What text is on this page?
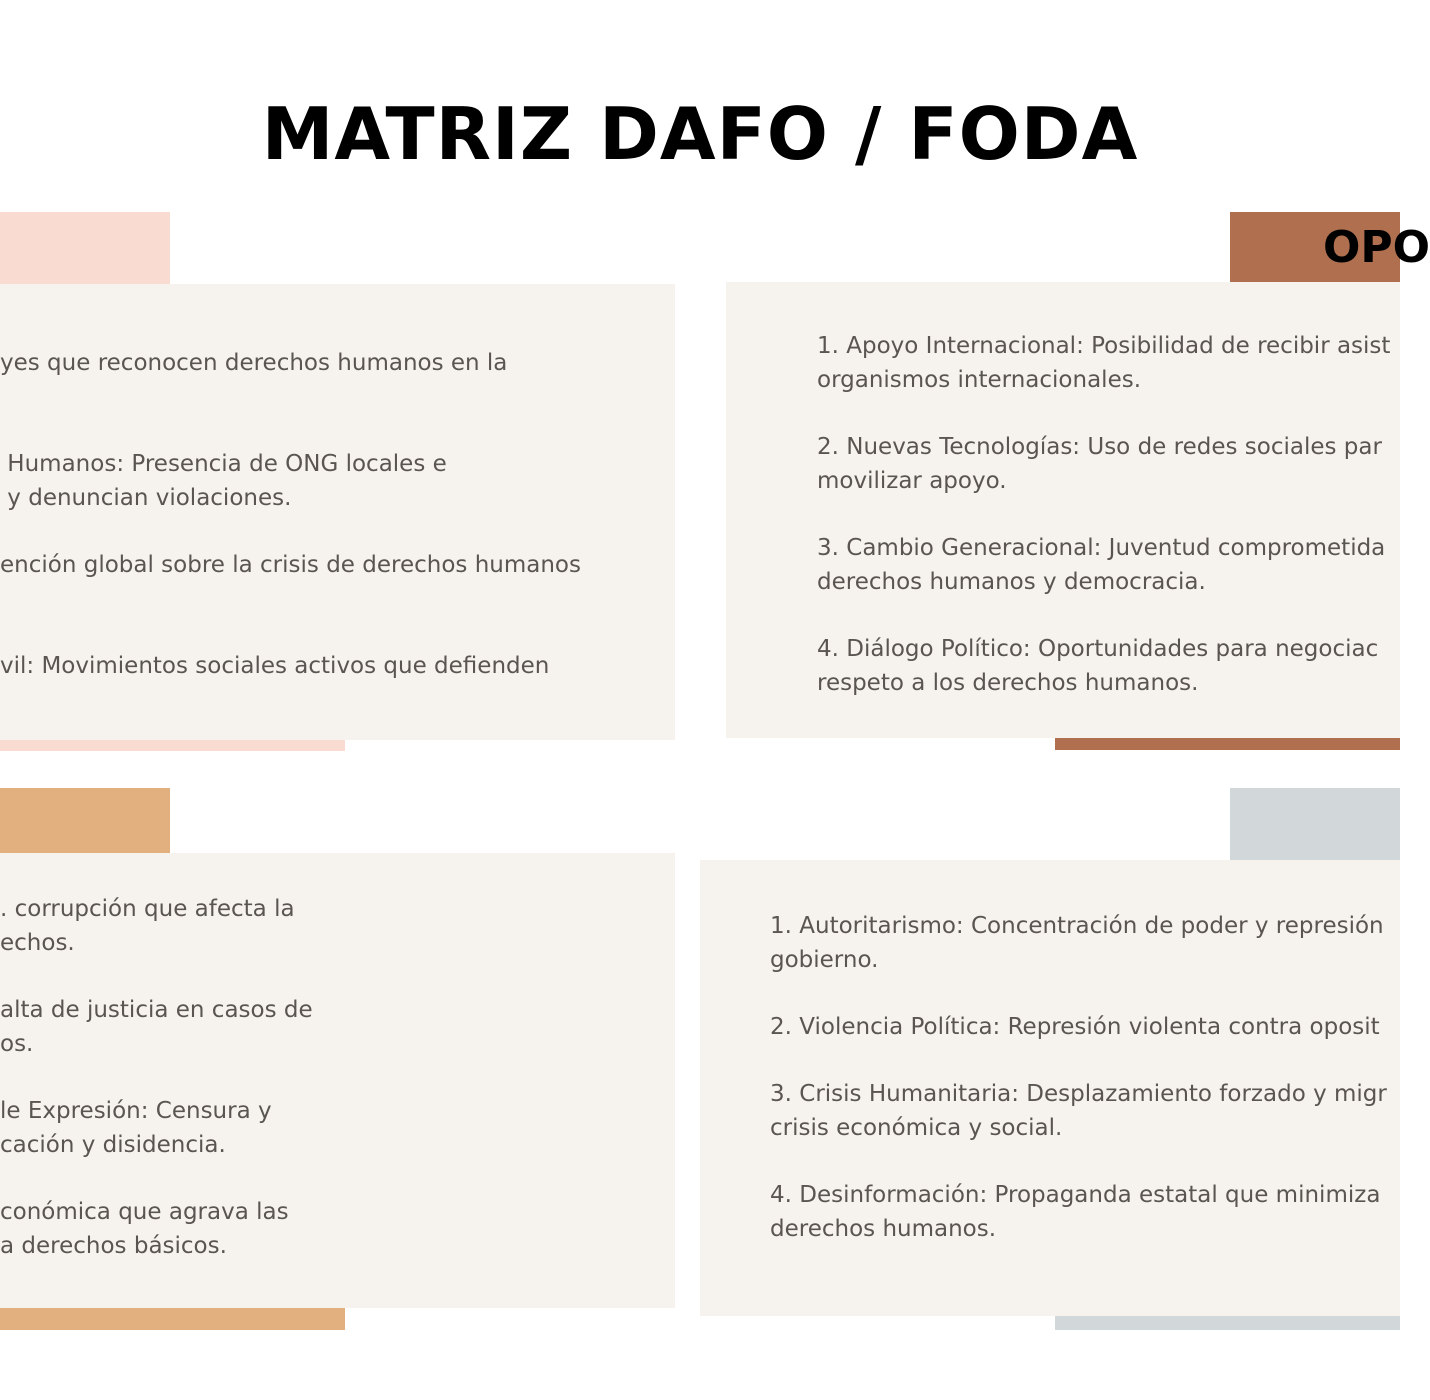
MATRIZ DAFO / FODA

yes que reconocen derechos humanos en la

Humanos: Presencia de ONG locales e
y denuncian violaciones.

ención global sobre la crisis de derechos humanos

vil: Movimientos sociales activos que defienden

OPO

1. Apoyo Internacional: Posibilidad de recibir asist
organismos internacionales.

2. Nuevas Tecnologías: Uso de redes sociales par
movilizar apoyo.

3. Cambio Generacional: Juventud comprometida
derechos humanos y democracia.

4. Diálogo Político: Oportunidades para negociac
respeto a los derechos humanos.

. corrupción que afecta la
echos.

alta de justicia en casos de
os.

le Expresión: Censura y
cación y disidencia.

conómica que agrava las
a derechos básicos.

1. Autoritarismo: Concentración de poder y represión
gobierno.

2. Violencia Política: Represión violenta contra oposit

3. Crisis Humanitaria: Desplazamiento forzado y migr
crisis económica y social.

4. Desinformación: Propaganda estatal que minimiza
derechos humanos.
